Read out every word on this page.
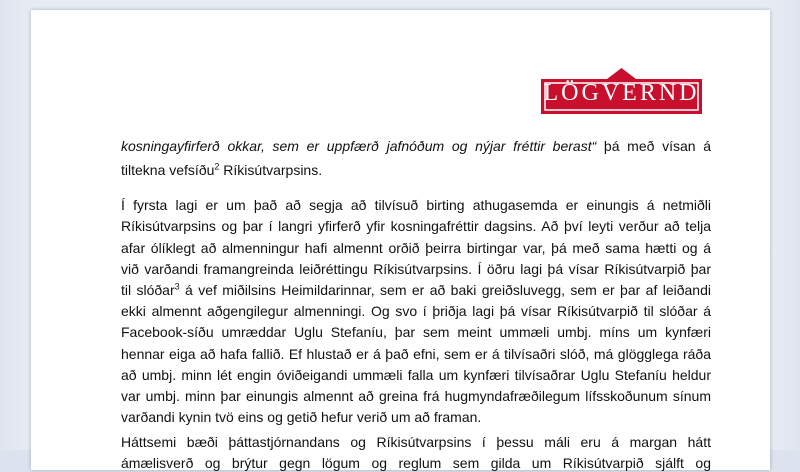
LÖGVERND
kosningayfirferð okkar, sem er uppfærð jafnóðum og nýjar fréttir berast“ þá með vísan á
tiltekna vefsíðu$^2$ Ríkisútvarpsins.
Í fyrsta lagi er um það að segja að tilvísuð birting athugasemda er einungis á netmiðli
Ríkisútvarpsins og þar í langri yfirferð yfir kosningafréttir dagsins. Að því leyti verður að telja
afar ólíklegt að almenningur hafi almennt orðið þeirra birtingar var, þá með sama hætti og á
við varðandi framangreinda leiðréttingu Ríkisútvarpsins. Í öðru lagi þá vísar Ríkisútvarpið þar
til slóðar$^3$ á vef miðilsins Heimildarinnar, sem er að baki greiðsluvegg, sem er þar af leiðandi
ekki almennt aðgengilegur almenningi. Og svo í þriðja lagi þá vísar Ríkisútvarpið til slóðar á
Facebook-síðu umræddar Uglu Stefaníu, þar sem meint ummæli umbj. míns um kynfæri
hennar eiga að hafa fallið. Ef hlustað er á það efni, sem er á tilvísaðri slóð, má glögglega ráða
að umbj. minn lét engin óviðeigandi ummæli falla um kynfæri tilvísaðrar Uglu Stefaníu heldur
var umbj. minn þar einungis almennt að greina frá hugmyndafræðilegum lífsskoðunum sínum
varðandi kynin tvö eins og getið hefur verið um að framan.
Háttsemi bæði þáttastjórnandans og Ríkisútvarpsins í þessu máli eru á margan hátt
ámælisverð og brýtur gegn lögum og reglum sem gilda um Ríkisútvarpið sjálft og
